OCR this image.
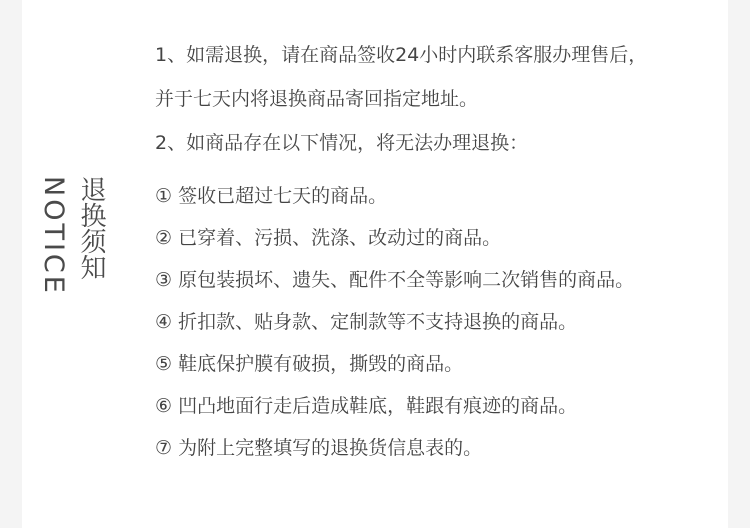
NOTICE 退换须知
1、如需退换，请在商品签收24小时内联系客服办理售后，
并于七天内将退换商品寄回指定地址。
2、如商品存在以下情况，将无法办理退换：
① 签收已超过七天的商品。
② 已穿着、污损、洗涤、改动过的商品。
③ 原包装损坏、遗失、配件不全等影响二次销售的商品。
④ 折扣款、贴身款、定制款等不支持退换的商品。
⑤ 鞋底保护膜有破损，撕毁的商品。
⑥ 凹凸地面行走后造成鞋底，鞋跟有痕迹的商品。
⑦ 为附上完整填写的退换货信息表的。
